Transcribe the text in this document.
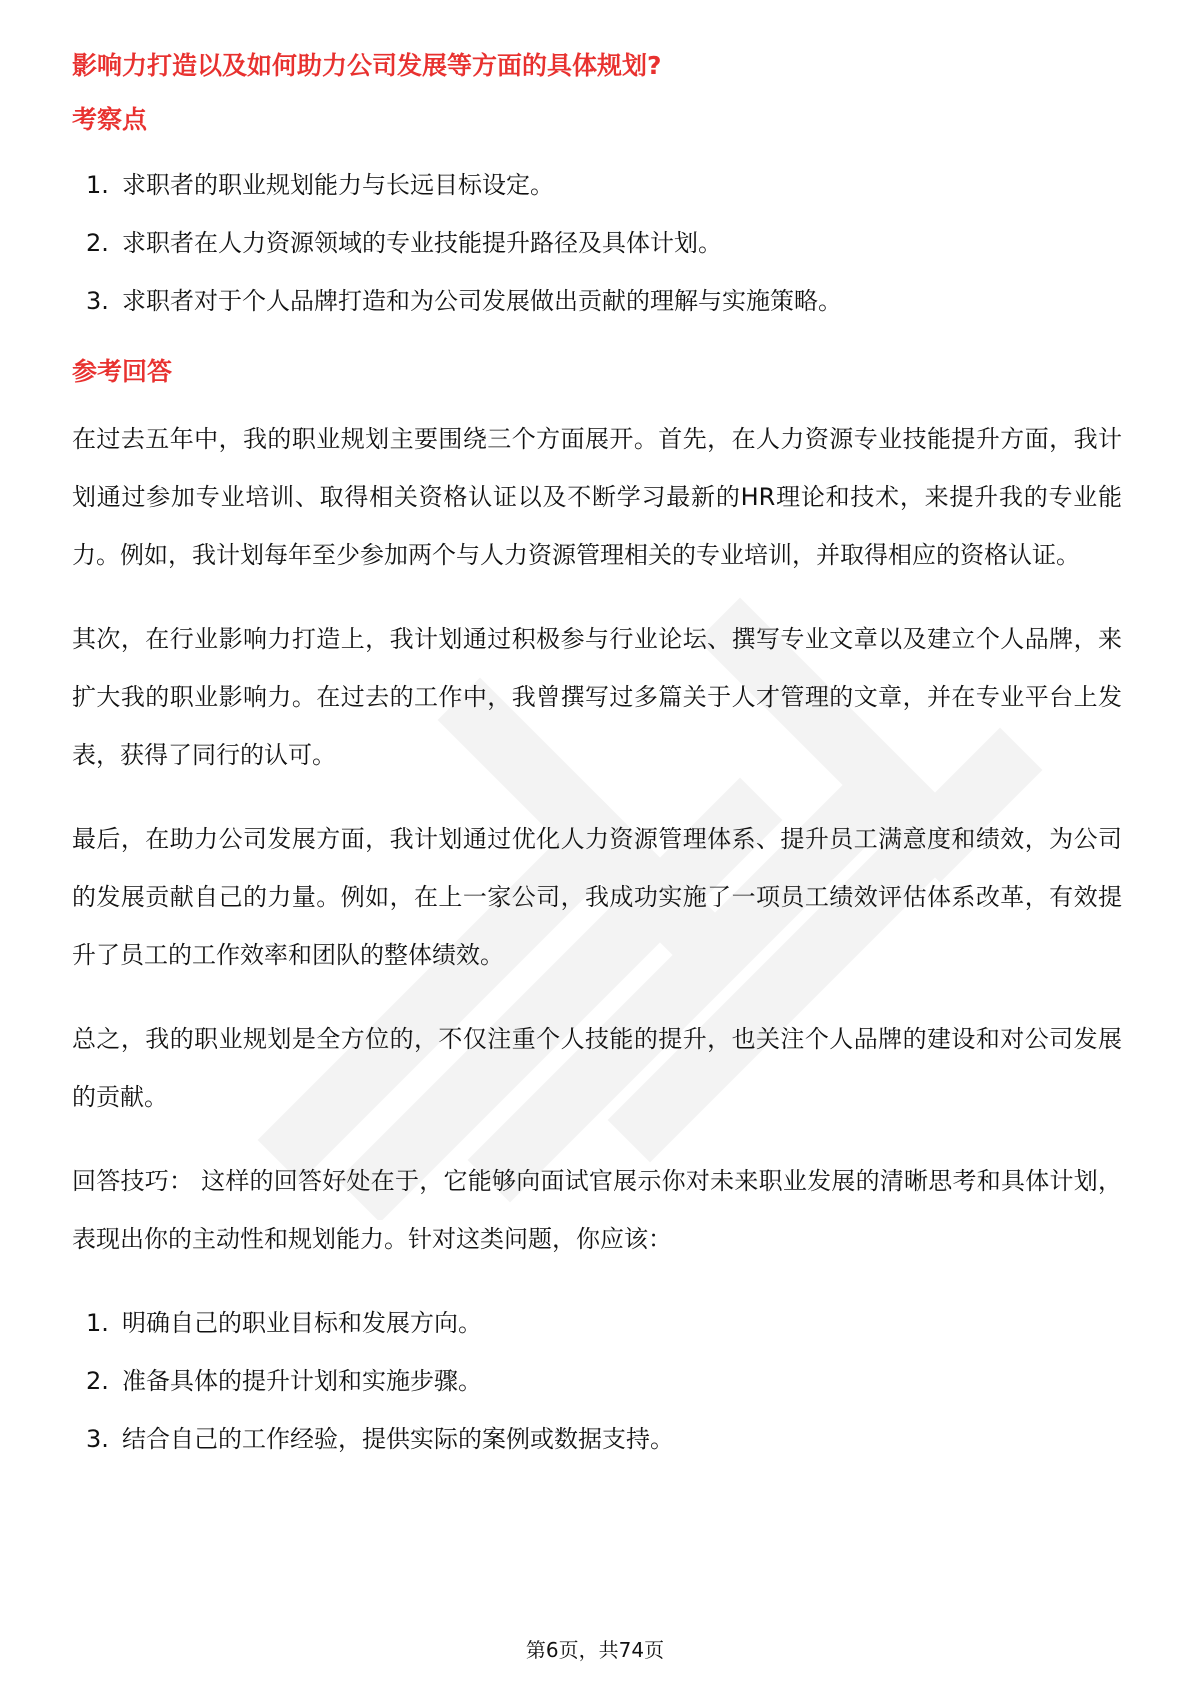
影响力打造以及如何助力公司发展等方面的具体规划?
考察点
1. 求职者的职业规划能力与长远目标设定。
2. 求职者在人力资源领域的专业技能提升路径及具体计划。
3. 求职者对于个人品牌打造和为公司发展做出贡献的理解与实施策略。
参考回答

在过去五年中，我的职业规划主要围绕三个方面展开。首先，在人力资源专业技能提升方面，我计划通过参加专业培训、取得相关资格认证以及不断学习最新的HR理论和技术，来提升我的专业能力。例如，我计划每年至少参加两个与人力资源管理相关的专业培训，并取得相应的资格认证。

其次，在行业影响力打造上，我计划通过积极参与行业论坛、撰写专业文章以及建立个人品牌，来扩大我的职业影响力。在过去的工作中，我曾撰写过多篇关于人才管理的文章，并在专业平台上发表，获得了同行的认可。

最后，在助力公司发展方面，我计划通过优化人力资源管理体系、提升员工满意度和绩效，为公司的发展贡献自己的力量。例如，在上一家公司，我成功实施了一项员工绩效评估体系改革，有效提升了员工的工作效率和团队的整体绩效。

总之，我的职业规划是全方位的，不仅注重个人技能的提升，也关注个人品牌的建设和对公司发展的贡献。

回答技巧： 这样的回答好处在于，它能够向面试官展示你对未来职业发展的清晰思考和具体计划，表现出你的主动性和规划能力。针对这类问题，你应该：

1. 明确自己的职业目标和发展方向。
2. 准备具体的提升计划和实施步骤。
3. 结合自己的工作经验，提供实际的案例或数据支持。
第6页，共74页
